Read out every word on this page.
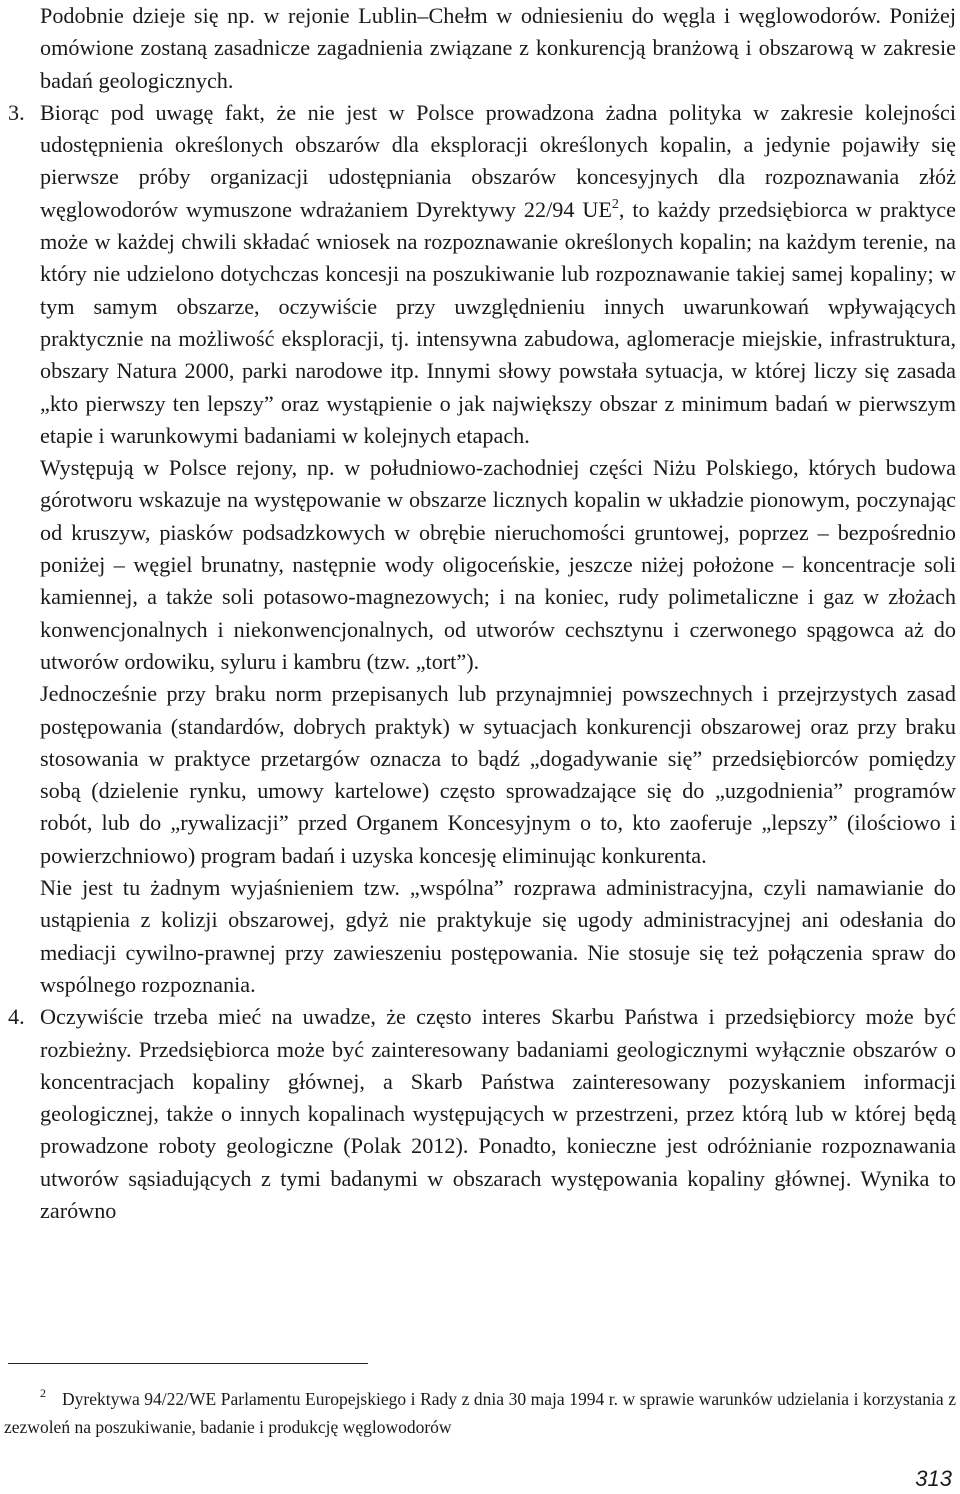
Podobnie dzieje się np. w rejonie Lublin–Chełm w odniesieniu do węgla i węglowodorów. Poniżej omówione zostaną zasadnicze zagadnienia związane z konkurencją branżową i obszarową w zakresie badań geologicznych.

3. Biorąc pod uwagę fakt, że nie jest w Polsce prowadzona żadna polityka w zakresie kolejności udostępnienia określonych obszarów dla eksploracji określonych kopalin, a jedynie pojawiły się pierwsze próby organizacji udostępniania obszarów koncesyjnych dla rozpoznawania złóż węglowodorów wymuszone wdrażaniem Dyrektywy 22/94 UE$^2$, to każdy przedsiębiorca w praktyce może w każdej chwili składać wniosek na rozpoznawanie określonych kopalin; na każdym terenie, na który nie udzielono dotychczas koncesji na poszukiwanie lub rozpoznawanie takiej samej kopaliny; w tym samym obszarze, oczywiście przy uwzględnieniu innych uwarunkowań wpływających praktycznie na możliwość eksploracji, tj. intensywna zabudowa, aglomeracje miejskie, infrastruktura, obszary Natura 2000, parki narodowe itp. Innymi słowy powstała sytuacja, w której liczy się zasada „kto pierwszy ten lepszy” oraz wystąpienie o jak największy obszar z minimum badań w pierwszym etapie i warunkowymi badaniami w kolejnych etapach.

Występują w Polsce rejony, np. w południowo-zachodniej części Niżu Polskiego, których budowa górotworu wskazuje na występowanie w obszarze licznych kopalin w układzie pionowym, poczynając od kruszyw, piasków podsadzkowych w obrębie nieruchomości gruntowej, poprzez – bezpośrednio poniżej – węgiel brunatny, następnie wody oligoceńskie, jeszcze niżej położone – koncentracje soli kamiennej, a także soli potasowo-magnezowych; i na koniec, rudy polimetaliczne i gaz w złożach konwencjonalnych i niekonwencjonalnych, od utworów cechsztynu i czerwonego spągowca aż do utworów ordowiku, syluru i kambru (tzw. „tort”).

Jednocześnie przy braku norm przepisanych lub przynajmniej powszechnych i przejrzystych zasad postępowania (standardów, dobrych praktyk) w sytuacjach konkurencji obszarowej oraz przy braku stosowania w praktyce przetargów oznacza to bądź „dogadywanie się” przedsiębiorców pomiędzy sobą (dzielenie rynku, umowy kartelowe) często sprowadzające się do „uzgodnienia” programów robót, lub do „rywalizacji” przed Organem Koncesyjnym o to, kto zaoferuje „lepszy” (ilościowo i powierzchniowo) program badań i uzyska koncesję eliminując konkurenta.

Nie jest tu żadnym wyjaśnieniem tzw. „wspólna” rozprawa administracyjna, czyli namawianie do ustąpienia z kolizji obszarowej, gdyż nie praktykuje się ugody administracyjnej ani odesłania do mediacji cywilno-prawnej przy zawieszeniu postępowania. Nie stosuje się też połączenia spraw do wspólnego rozpoznania.

4. Oczywiście trzeba mieć na uwadze, że często interes Skarbu Państwa i przedsiębiorcy może być rozbieżny. Przedsiębiorca może być zainteresowany badaniami geologicznymi wyłącznie obszarów o koncentracjach kopaliny głównej, a Skarb Państwa zainteresowany pozyskaniem informacji geologicznej, także o innych kopalinach występujących w przestrzeni, przez którą lub w której będą prowadzone roboty geologiczne (Polak 2012). Ponadto, konieczne jest odróżnianie rozpoznawania utworów sąsiadujących z tymi badanymi w obszarach występowania kopaliny głównej. Wynika to zarówno

$^2$ Dyrektywa 94/22/WE Parlamentu Europejskiego i Rady z dnia 30 maja 1994 r. w sprawie warunków udzielania i korzystania z zezwoleń na poszukiwanie, badanie i produkcję węglowodorów
313
